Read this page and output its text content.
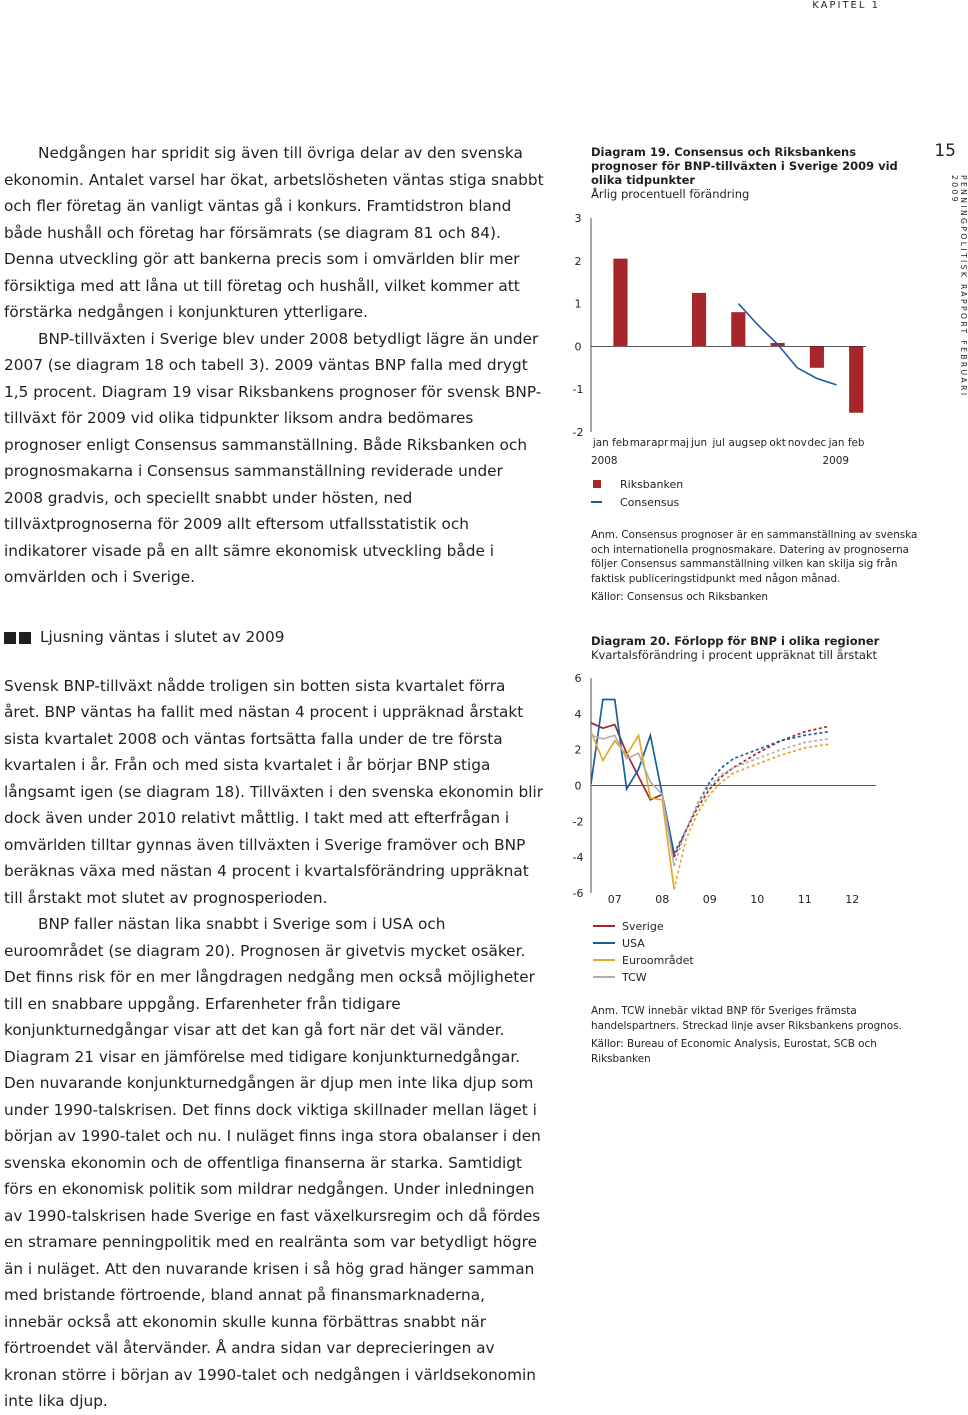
KAPITEL 1
15
PENNINGPOLITISK RAPPORT FEBRUARI 2009

Nedgången har spridit sig även till övriga delar av den svenska ekonomin. Antalet varsel har ökat, arbetslösheten väntas stiga snabbt och fler företag än vanligt väntas gå i konkurs. Framtidstron bland både hushåll och företag har försämrats (se diagram 81 och 84). Denna utveckling gör att bankerna precis som i omvärlden blir mer försiktiga med att låna ut till företag och hushåll, vilket kommer att förstärka nedgången i konjunkturen ytterligare.

BNP-tillväxten i Sverige blev under 2008 betydligt lägre än under 2007 (se diagram 18 och tabell 3). 2009 väntas BNP falla med drygt 1,5 procent. Diagram 19 visar Riksbankens prognoser för svensk BNP-tillväxt för 2009 vid olika tidpunkter liksom andra bedömares prognoser enligt Consensus sammanställning. Både Riksbanken och prognosmakarna i Consensus sammanställning reviderade under 2008 gradvis, och speciellt snabbt under hösten, ned tillväxtprognoserna för 2009 allt eftersom utfallsstatistik och indikatorer visade på en allt sämre ekonomisk utveckling både i omvärlden och i Sverige.

Ljusning väntas i slutet av 2009

Svensk BNP-tillväxt nådde troligen sin botten sista kvartalet förra året. BNP väntas ha fallit med nästan 4 procent i uppräknad årstakt sista kvartalet 2008 och väntas fortsätta falla under de tre första kvartalen i år. Från och med sista kvartalet i år börjar BNP stiga långsamt igen (se diagram 18). Tillväxten i den svenska ekonomin blir dock även under 2010 relativt måttlig. I takt med att efterfrågan i omvärlden tilltar gynnas även tillväxten i Sverige framöver och BNP beräknas växa med nästan 4 procent i kvartalsförändring uppräknat till årstakt mot slutet av prognosperioden.

BNP faller nästan lika snabbt i Sverige som i USA och euroområdet (se diagram 20). Prognosen är givetvis mycket osäker. Det finns risk för en mer långdragen nedgång men också möjligheter till en snabbare uppgång. Erfarenheter från tidigare konjunkturnedgångar visar att det kan gå fort när det väl vänder. Diagram 21 visar en jämförelse med tidigare konjunkturnedgångar. Den nuvarande konjunkturnedgången är djup men inte lika djup som under 1990-talskrisen. Det finns dock viktiga skillnader mellan läget i början av 1990-talet och nu. I nuläget finns inga stora obalanser i den svenska ekonomin och de offentliga finanserna är starka. Samtidigt förs en ekonomisk politik som mildrar nedgången. Under inledningen av 1990-talskrisen hade Sverige en fast växelkursregim och då fördes en stramare penningpolitik med en realränta som var betydligt högre än i nuläget. Att den nuvarande krisen i så hög grad hänger samman med bristande förtroende, bland annat på finansmarknaderna, innebär också att ekonomin skulle kunna förbättras snabbt när förtroendet väl återvänder. Å andra sidan var deprecieringen av kronan större i början av 1990-talet och nedgången i världsekonomin inte lika djup.

Diagram 19. Consensus och Riksbankens prognoser för BNP-tillväxten i Sverige 2009 vid olika tidpunkter
Årlig procentuell förändring
3
2
1
0
-1
-2
jan feb mar apr maj jun jul aug sep okt nov dec jan feb
2008	2009
Riksbanken
Consensus

Anm. Consensus prognoser är en sammanställning av svenska och internationella prognosmakare. Datering av prognoserna följer Consensus sammanställning vilken kan skilja sig från faktisk publiceringstidpunkt med någon månad.

Källor: Consensus och Riksbanken

Diagram 20. Förlopp för BNP i olika regioner
Kvartalsförändring i procent uppräknat till årstakt
6
4
2
0
-2
-4
-6 07	08	09	10	11	12
Sverige
USA
Euroområdet
TCW

Anm. TCW innebär viktad BNP för Sveriges främsta handelspartners. Streckad linje avser Riksbankens prognos.

Källor: Bureau of Economic Analysis, Eurostat, SCB och Riksbanken
